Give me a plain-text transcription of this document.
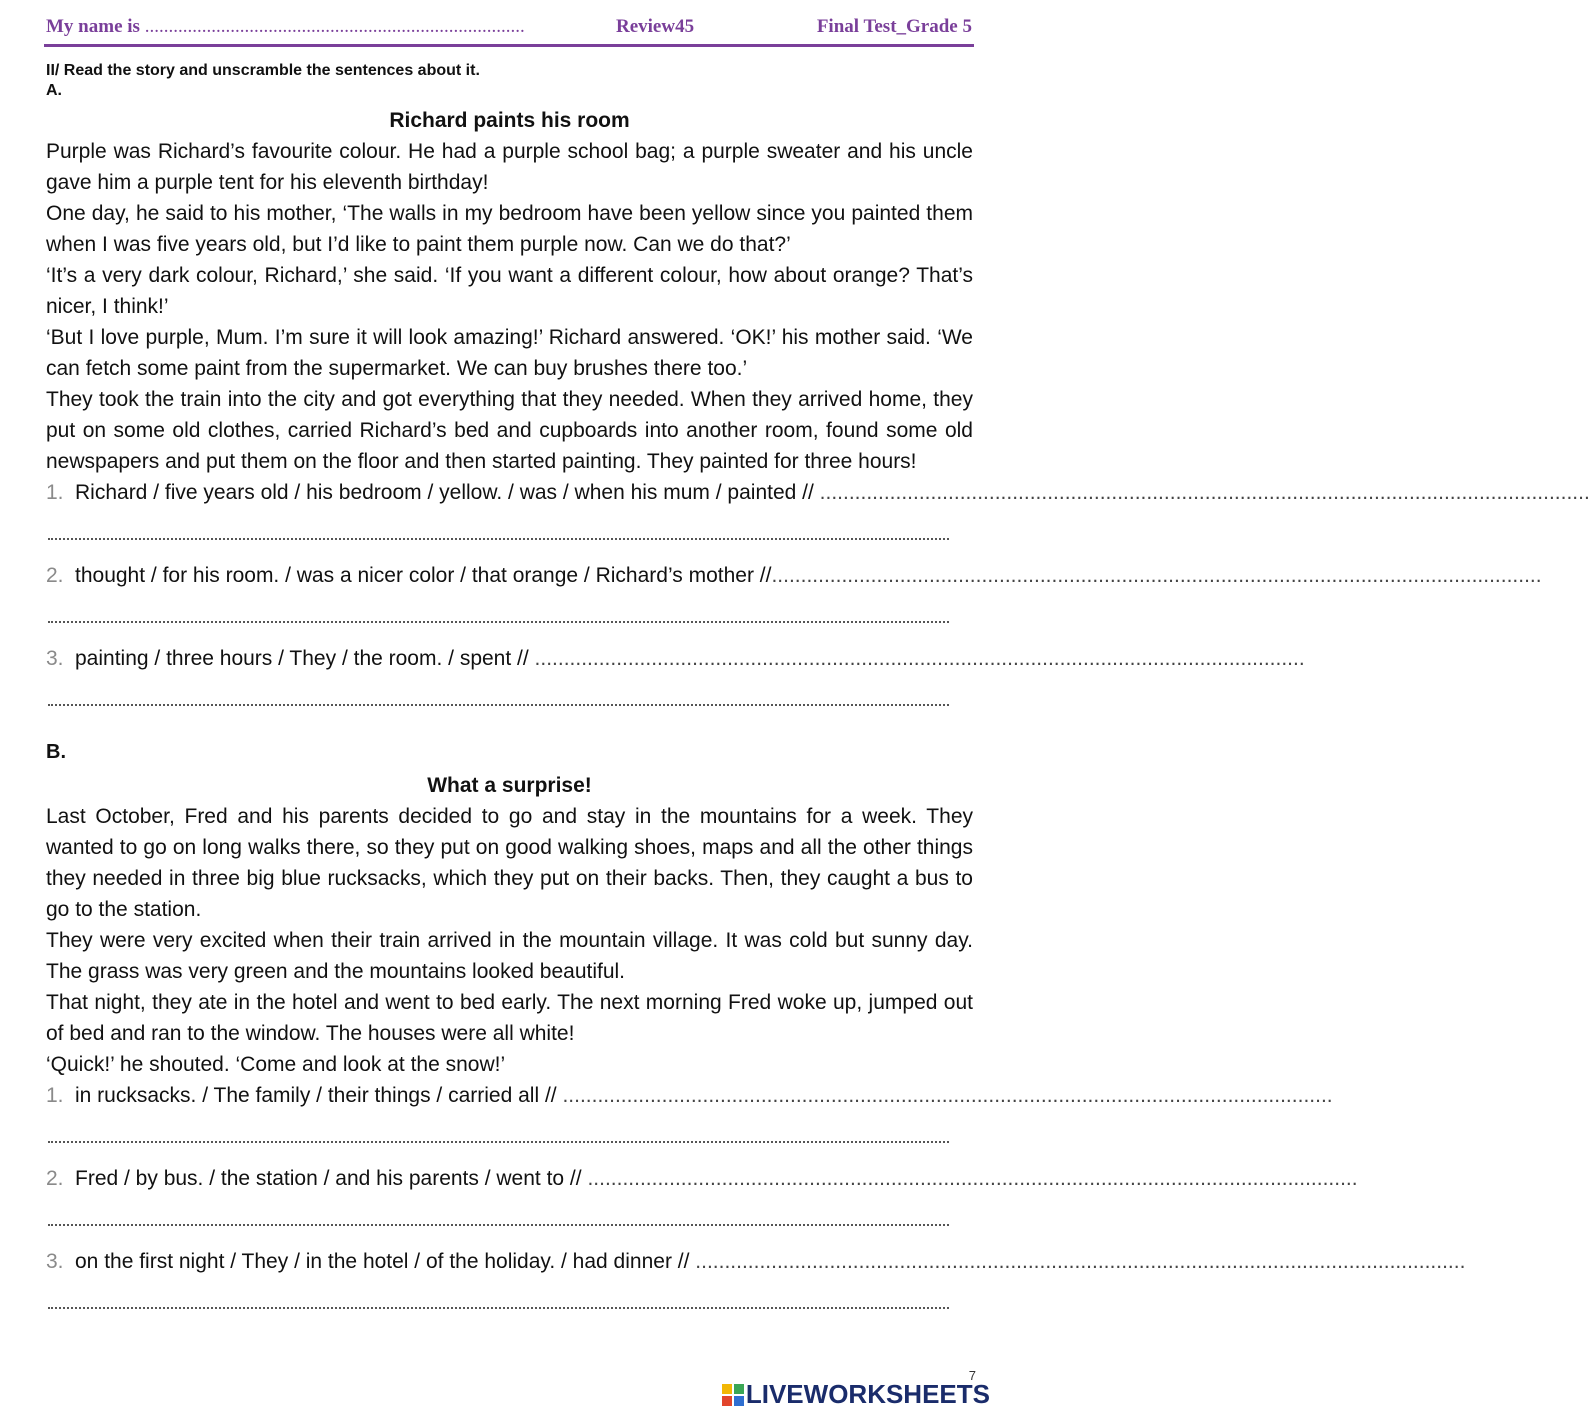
My name is ................................................................................	Review45	Final Test_Grade 5
II/ Read the story and unscramble the sentences about it.
A.
Richard paints his room

Purple was Richard’s favourite colour. He had a purple school bag; a purple sweater and his uncle gave him a purple tent for his eleventh birthday!

One day, he said to his mother, ‘The walls in my bedroom have been yellow since you painted them when I was five years old, but I’d like to paint them purple now. Can we do that?’

‘It’s a very dark colour, Richard,’ she said. ‘If you want a different colour, how about orange? That’s nicer, I think!’

‘But I love purple, Mum. I’m sure it will look amazing!’ Richard answered. ‘OK!’ his mother said. ‘We can fetch some paint from the supermarket. We can buy brushes there too.’

They took the train into the city and got everything that they needed. When they arrived home, they put on some old clothes, carried Richard’s bed and cupboards into another room, found some old newspapers and put them on the floor and then started painting. They painted for three hours!

1. Richard / five years old / his bedroom / yellow. / was / when his mum / painted // ....................................................................................................................................
2. thought / for his room. / was a nicer color / that orange / Richard’s mother //....................................................................................................................................
3. painting / three hours / They / the room. / spent // ....................................................................................................................................
B.
What a surprise!

Last October, Fred and his parents decided to go and stay in the mountains for a week. They wanted to go on long walks there, so they put on good walking shoes, maps and all the other things they needed in three big blue rucksacks, which they put on their backs. Then, they caught a bus to go to the station.

They were very excited when their train arrived in the mountain village. It was cold but sunny day. The grass was very green and the mountains looked beautiful.

That night, they ate in the hotel and went to bed early. The next morning Fred woke up, jumped out of bed and ran to the window. The houses were all white!

‘Quick!’ he shouted. ‘Come and look at the snow!’

1. in rucksacks. / The family / their things / carried all // ....................................................................................................................................
2. Fred / by bus. / the station / and his parents / went to // ....................................................................................................................................
3. on the first night / They / in the hotel / of the holiday. / had dinner // ....................................................................................................................................
7
LIVEWORKSHEETS
